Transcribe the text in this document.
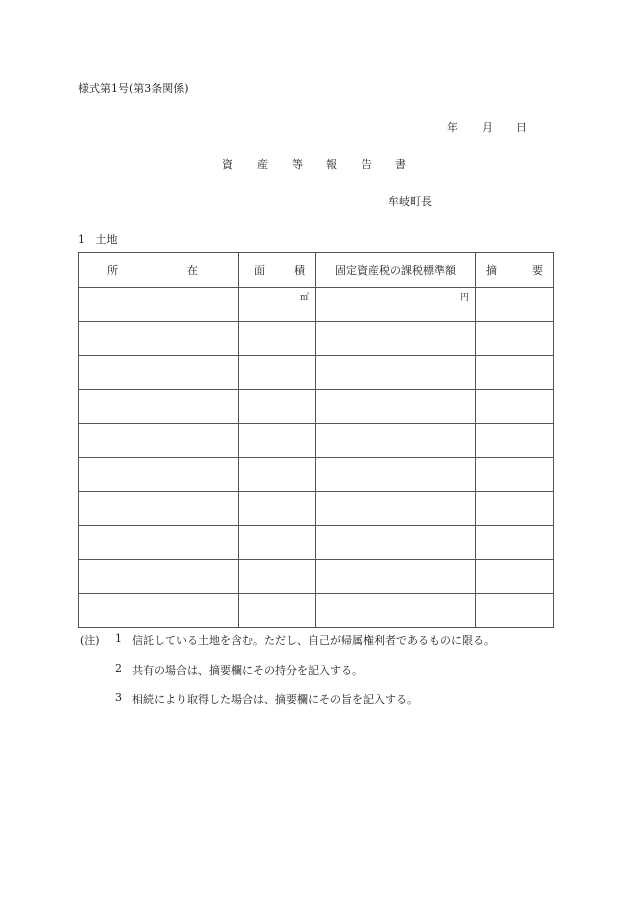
様式第1号(第3条関係)
年 月 日
資 産 等 報 告 書
牟岐町長
1 土地
所 在	面 積	固定資産税の課税標準額	摘 要

	㎡	円	

(注) 1 信託している土地を含む。ただし、自己が帰属権利者であるものに限る。
2 共有の場合は、摘要欄にその持分を記入する。
3 相続により取得した場合は、摘要欄にその旨を記入する。
